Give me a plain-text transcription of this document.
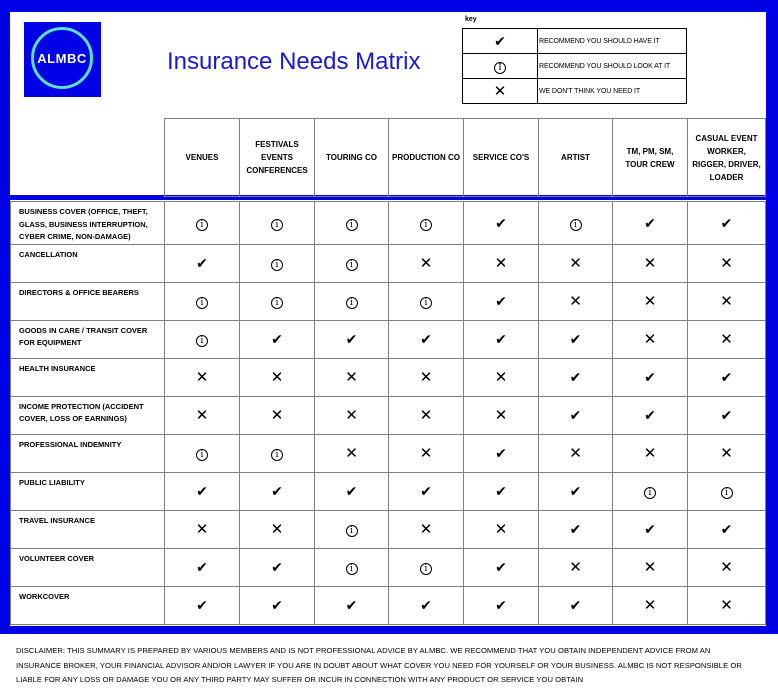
ALMBC	Insurance Needs Matrix
key
✔	RECOMMEND YOU SHOULD HAVE IT
I	RECOMMEND YOU SHOULD LOOK AT IT
✕	WE DON'T THINK YOU NEED IT
	VENUES	FESTIVALS EVENTS CONFERENCES	TOURING CO	PRODUCTION CO	SERVICE CO'S	ARTIST	TM, PM, SM, TOUR CREW	CASUAL EVENT WORKER, RIGGER, DRIVER, LOADER

BUSINESS COVER (OFFICE, THEFT, GLASS, BUSINESS INTERRUPTION, CYBER CRIME, NON-DAMAGE)	i	i	i	i	✔	i	✔	✔
CANCELLATION	✔	i	i	✕	✕	✕	✕	✕
DIRECTORS & OFFICE BEARERS	i	i	i	i	✔	✕	✕	✕
GOODS IN CARE / TRANSIT COVER FOR EQUIPMENT	i	✔	✔	✔	✔	✔	✕	✕
HEALTH INSURANCE	✕	✕	✕	✕	✕	✔	✔	✔
INCOME PROTECTION (ACCIDENT COVER, LOSS OF EARNINGS)	✕	✕	✕	✕	✕	✔	✔	✔
PROFESSIONAL INDEMNITY	i	i	✕	✕	✔	✕	✕	✕
PUBLIC LIABILITY	✔	✔	✔	✔	✔	✔	i	i
TRAVEL INSURANCE	✕	✕	i	✕	✕	✔	✔	✔
VOLUNTEER COVER	✔	✔	i	i	✔	✕	✕	✕
WORKCOVER	✔	✔	✔	✔	✔	✔	✕	✕
DISCLAIMER: THIS SUMMARY IS PREPARED BY VARIOUS MEMBERS AND IS NOT PROFESSIONAL ADVICE BY ALMBC. WE RECOMMEND THAT YOU OBTAIN INDEPENDENT ADVICE FROM AN INSURANCE BROKER, YOUR FINANCIAL ADVISOR AND/OR LAWYER IF YOU ARE IN DOUBT ABOUT WHAT COVER YOU NEED FOR YOURSELF OR YOUR BUSINESS. ALMBC IS NOT RESPONSIBLE OR LIABLE FOR ANY LOSS OR DAMAGE YOU OR ANY THIRD PARTY MAY SUFFER OR INCUR IN CONNECTION WITH ANY PRODUCT OR SERVICE YOU OBTAIN
